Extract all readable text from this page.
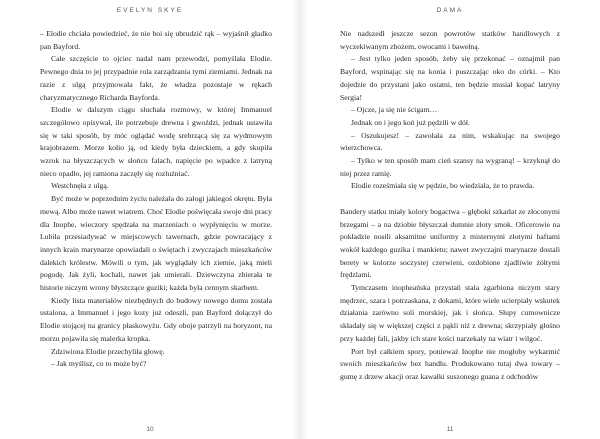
EVELYN SKYE

– Elodie chciała powiedzieć, że nie boi się ubrudzić rąk – wyjaśnił gładko pan Bayford.

Całe szczęście to ojciec nadal nam przewodzi, pomyślała Elodie. Pewnego dnia to jej przypadnie rola zarządzania tymi ziemiami. Jednak na razie z ulgą przyjmowała fakt, że władza pozostaje w rękach charyzmatycznego Richarda Bayforda.

Elodie w dalszym ciągu słuchała rozmowy, w której Immanuel szczegółowo opisywał, ile potrzebuje drewna i gwoździ, jednak ustawiła się w taki sposób, by móc oglądać wodę srebrzącą się za wydmowym krajobrazem. Morze kołio ją, od kiedy była dzieckiem, a gdy skupiła wzrok na błyszczących w słońcu falach, napięcie po wpadce z latryną nieco opadło, jej ramiona zaczęły się rozluźniać.

Westchnęła z ulgą.

Być może w poprzednim życiu należała do załogi jakiegoś okrętu. Była mewą. Albo może nawet wiatrem. Choć Elodie poświęcała swoje dni pracy dla Inophe, wieczory spędzała na marzeniach o wypłynięciu w morze. Lubiła przesiadywać w miejscowych tawernach, gdzie powracający z innych krain marynarze opowiadali o świętach i zwyczajach mieszkańców dalekich królestw. Mówili o tym, jak wyglądały ich ziemie, jaką mieli pogodę. Jak żyli, kochali, nawet jak umierali. Dziewczyna zbierała te historie niczym wrony błyszczące guziki; każda była cennym skarbem.

Kiedy lista materiałów niezbędnych do budowy nowego domu została ustalona, a Immanuel i jego kozy już odeszli, pan Bayford dołączył do Elodie stojącej na granicy płaskowyżu. Gdy oboje patrzyli na horyzont, na morzu pojawiła się malerka kropka.

Zdziwiona Elodie przechyliła głowę.

– Jak myślisz, co to może być?

10
DAMA

Nie nadszedł jeszcze sezon powrotów statków handlowych z wyczekiwanym zbożem, owocami i bawełną.

– Jest tylko jeden sposób, żeby się przekonać – oznajmił pan Bayford, wspinając się na konia i puszczając oko do córki. – Kto dojedzie do przystani jako ostatni, ten będzie musiał kopać latryny Sergia!

– Ojcze, ja się nie ścigam…

Jednak on i jego koń już pędzili w dół.

– Oszukujesz! – zawołała za nim, wskakując na swojego wierzchowca.

– Tylko w ten sposób mam cień szansy na wygraną! – krzyknął do niej przez ramię.

Elodie roześmiała się w pędzie, bo wiedziała, że to prawda.

Bandery statku miały kolory bogactwa – głęboki szkarłat ze złoconymi brzegami – a na dziobie błyszczał dumnie złoty smok. Oficerowie na pokładzie nosili aksamitne uniformy z misternymi złotymi haftami wokół każdego guzika i mankietu; nawet zwyczajni marynarze dostali berety w kolorze soczystej czerwieni, ozdobione zjadliwie żółtymi frędzlami.

Tymczasem inopheańska przystań stała zgarbiona niczym stary mędrzec, szara i potrzaskana, z dokami, które wiele ucierpiały wskutek działania zarówno soli morskiej, jak i słońca. Słupy cumownicze składały się w większej części z pąkli niż z drewna; skrzypiały głośno przy każdej fali, jakby ich stare kości narzekały na wiatr i wilgoć.

Port był całkiem spory, ponieważ Inophe nie mogłoby wykarmić swoich mieszkańców bez handlu. Produkowano tutaj dwa towary – gumę z drzew akacji oraz kawałki suszonego guana z odchodów

11
